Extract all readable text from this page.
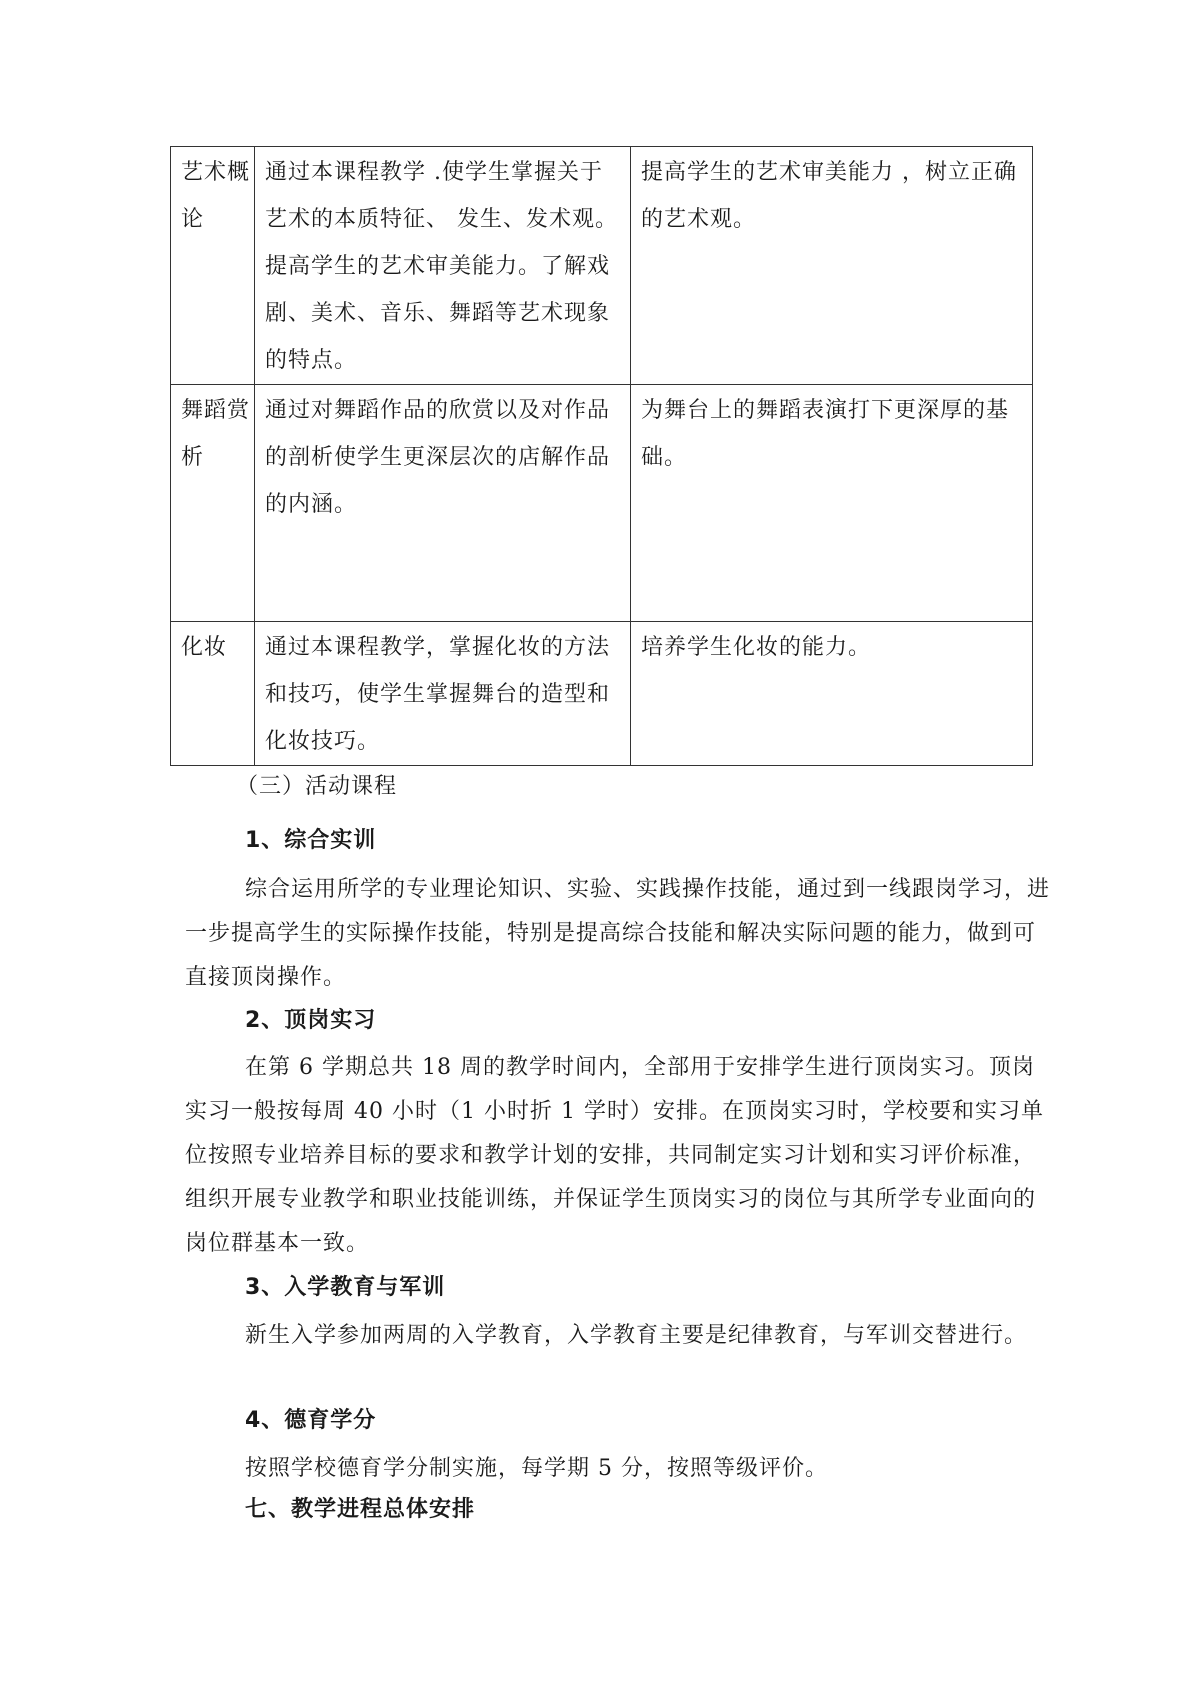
艺术概论	通过本课程教学 .使学生掌握关于艺术的本质特征、 发生、发术观。提高学生的艺术审美能力。了解戏剧、美术、音乐、舞蹈等艺术现象的特点。	提高学生的艺术审美能力 ，树立正确的艺术观。
舞蹈赏析	通过对舞蹈作品的欣赏以及对作品的剖析使学生更深层次的店解作品的内涵。	为舞台上的舞蹈表演打下更深厚的基础。
化妆	通过本课程教学，掌握化妆的方法和技巧，使学生掌握舞台的造型和化妆技巧。	培养学生化妆的能力。
（三）活动课程
1、综合实训

综合运用所学的专业理论知识、实验、实践操作技能，通过到一线跟岗学习，进一步提高学生的实际操作技能，特别是提高综合技能和解决实际问题的能力，做到可直接顶岗操作。

2、顶岗实习

在第 6 学期总共 18 周的教学时间内，全部用于安排学生进行顶岗实习。顶岗实习一般按每周 40 小时（1 小时折 1 学时）安排。在顶岗实习时，学校要和实习单位按照专业培养目标的要求和教学计划的安排，共同制定实习计划和实习评价标准，组织开展专业教学和职业技能训练，并保证学生顶岗实习的岗位与其所学专业面向的岗位群基本一致。

3、入学教育与军训

新生入学参加两周的入学教育，入学教育主要是纪律教育，与军训交替进行。

4、德育学分

按照学校德育学分制实施，每学期 5 分，按照等级评价。

七、教学进程总体安排
